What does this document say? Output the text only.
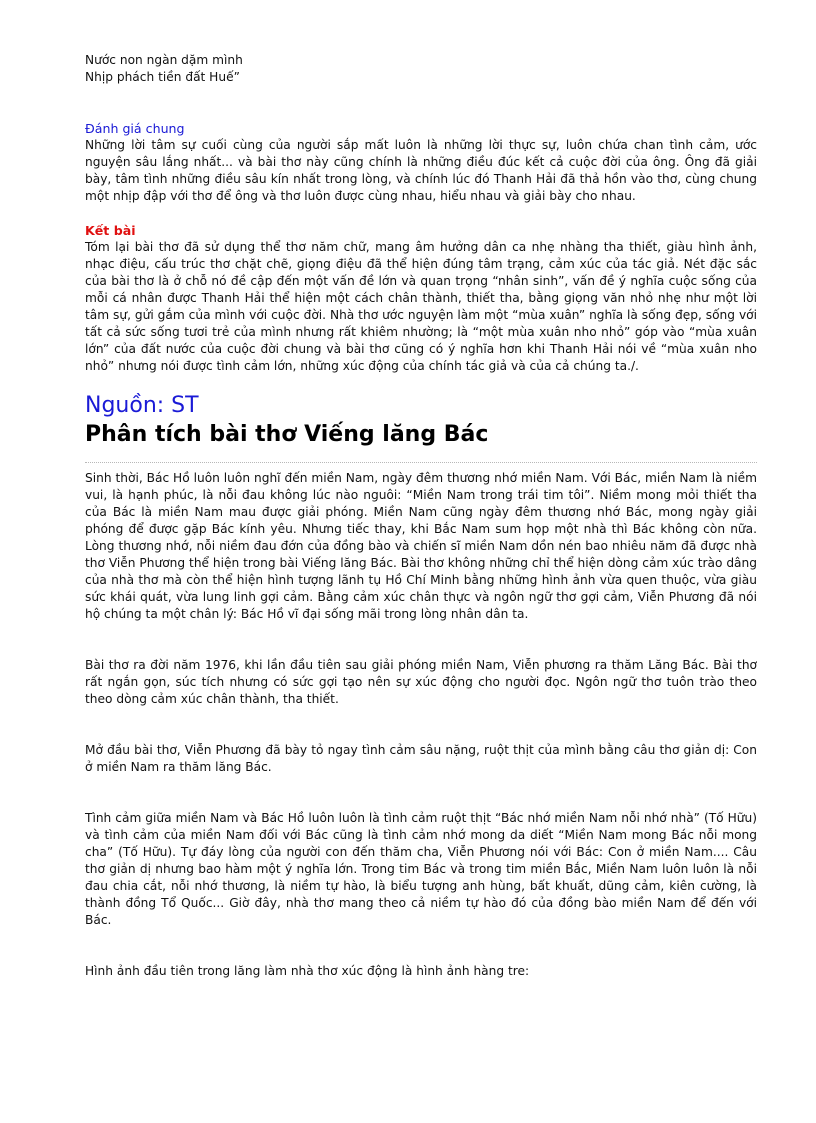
Nước non ngàn dặm mình
Nhịp phách tiền đất Huế”

Đánh giá chung

Những lời tâm sự cuối cùng của người sắp mất luôn là những lời thực sự, luôn chứa chan tình cảm, ước nguyện sâu lắng nhất... và bài thơ này cũng chính là những điều đúc kết cả cuộc đời của ông. Ông đã giải bày, tâm tình những điều sâu kín nhất trong lòng, và chính lúc đó Thanh Hải đã thả hồn vào thơ, cùng chung một nhịp đập với thơ để ông và thơ luôn được cùng nhau, hiểu nhau và giải bày cho nhau.

Kết bài

Tóm lại bài thơ đã sử dụng thể thơ năm chữ, mang âm hưởng dân ca nhẹ nhàng tha thiết, giàu hình ảnh, nhạc điệu, cấu trúc thơ chặt chẽ, giọng điệu đã thể hiện đúng tâm trạng, cảm xúc của tác giả. Nét đặc sắc của bài thơ là ở chỗ nó đề cập đến một vấn đề lớn và quan trọng “nhân sinh”, vấn đề ý nghĩa cuộc sống của mỗi cá nhân được Thanh Hải thể hiện một cách chân thành, thiết tha, bằng giọng văn nhỏ nhẹ như một lời tâm sự, gửi gắm của mình với cuộc đời. Nhà thơ ước nguyện làm một “mùa xuân” nghĩa là sống đẹp, sống với tất cả sức sống tươi trẻ của mình nhưng rất khiêm nhường; là “một mùa xuân nho nhỏ” góp vào “mùa xuân lớn” của đất nước của cuộc đời chung và bài thơ cũng có ý nghĩa hơn khi Thanh Hải nói về “mùa xuân nho nhỏ” nhưng nói được tình cảm lớn, những xúc động của chính tác giả và của cả chúng ta./.

Nguồn: ST
Phân tích bài thơ Viếng lăng Bác

Sinh thời, Bác Hồ luôn luôn nghĩ đến miền Nam, ngày đêm thương nhớ miền Nam. Với Bác, miền Nam là niềm vui, là hạnh phúc, là nỗi đau không lúc nào nguôi: “Miền Nam trong trái tim tôi”. Niềm mong mỏi thiết tha của Bác là miền Nam mau được giải phóng. Miền Nam cũng ngày đêm thương nhớ Bác, mong ngày giải phóng để được gặp Bác kính yêu. Nhưng tiếc thay, khi Bắc Nam sum họp một nhà thì Bác không còn nữa. Lòng thương nhớ, nỗi niềm đau đớn của đồng bào và chiến sĩ miền Nam dồn nén bao nhiêu năm đã được nhà thơ Viễn Phương thể hiện trong bài Viếng lăng Bác. Bài thơ không những chỉ thể hiện dòng cảm xúc trào dâng của nhà thơ mà còn thể hiện hình tượng lãnh tụ Hồ Chí Minh bằng những hình ảnh vừa quen thuộc, vừa giàu sức khái quát, vừa lung linh gợi cảm. Bằng cảm xúc chân thực và ngôn ngữ thơ gợi cảm, Viễn Phương đã nói hộ chúng ta một chân lý: Bác Hồ vĩ đại sống mãi trong lòng nhân dân ta.

Bài thơ ra đời năm 1976, khi lần đầu tiên sau giải phóng miền Nam, Viễn phương ra thăm Lăng Bác. Bài thơ rất ngắn gọn, súc tích nhưng có sức gợi tạo nên sự xúc động cho người đọc. Ngôn ngữ thơ tuôn trào theo theo dòng cảm xúc chân thành, tha thiết.

Mở đầu bài thơ, Viễn Phương đã bày tỏ ngay tình cảm sâu nặng, ruột thịt của mình bằng câu thơ giản dị: Con ở miền Nam ra thăm lăng Bác.

Tình cảm giữa miền Nam và Bác Hồ luôn luôn là tình cảm ruột thịt “Bác nhớ miền Nam nỗi nhớ nhà” (Tố Hữu) và tình cảm của miền Nam đối với Bác cũng là tình cảm nhớ mong da diết “Miền Nam mong Bác nỗi mong cha” (Tố Hữu). Tự đáy lòng của người con đến thăm cha, Viễn Phương nói với Bác: Con ở miền Nam.... Câu thơ giản dị nhưng bao hàm một ý nghĩa lớn. Trong tim Bác và trong tim miền Bắc, Miền Nam luôn luôn là nỗi đau chia cắt, nỗi nhớ thương, là niềm tự hào, là biểu tượng anh hùng, bất khuất, dũng cảm, kiên cường, là thành đồng Tổ Quốc... Giờ đây, nhà thơ mang theo cả niềm tự hào đó của đồng bào miền Nam để đến với Bác.

Hình ảnh đầu tiên trong lăng làm nhà thơ xúc động là hình ảnh hàng tre:
